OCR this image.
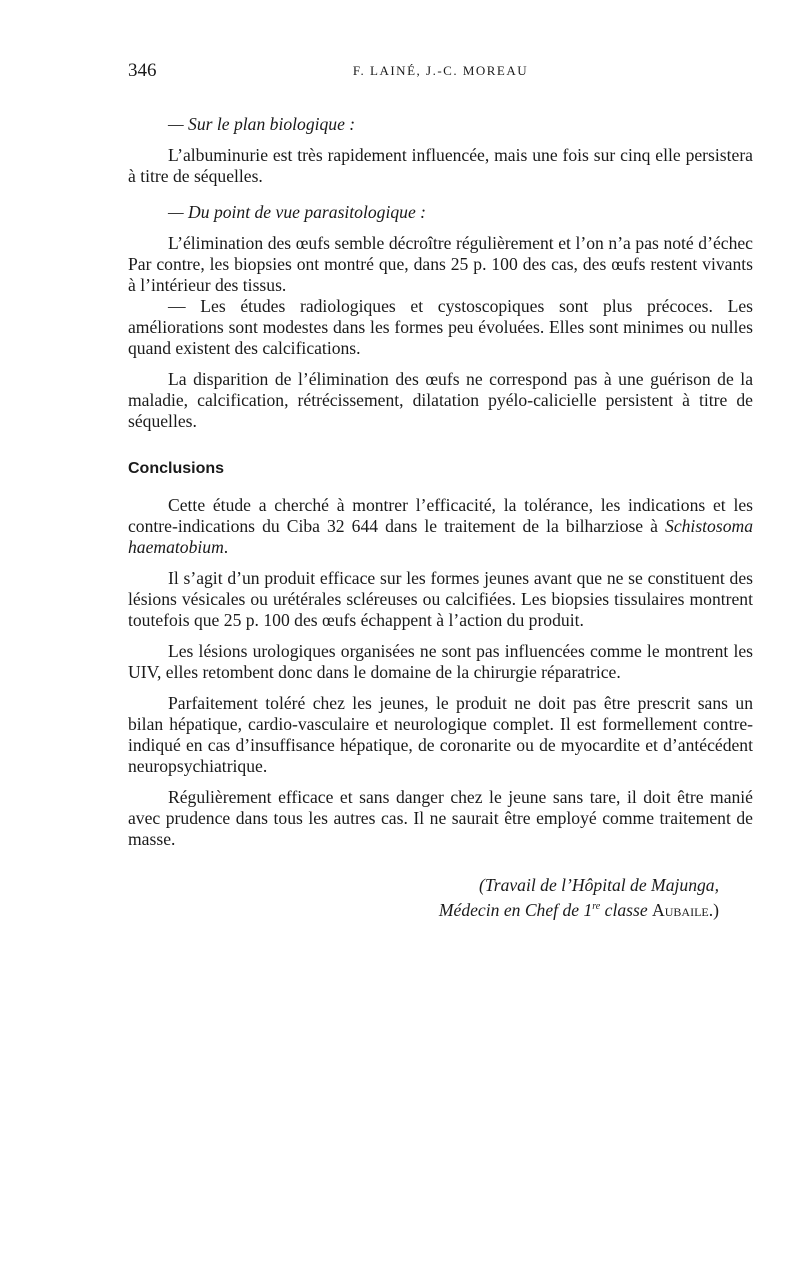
346	F. LAINÉ, J.-C. MOREAU

— Sur le plan biologique :

L’albuminurie est très rapidement influencée, mais une fois sur cinq elle persistera à titre de séquelles.

— Du point de vue parasitologique :

L’élimination des œufs semble décroître régulièrement et l’on n’a pas noté d’échec Par contre, les biopsies ont montré que, dans 25 p. 100 des cas, des œufs restent vivants à l’intérieur des tissus.

— Les études radiologiques et cystoscopiques sont plus précoces. Les améliorations sont modestes dans les formes peu évoluées. Elles sont minimes ou nulles quand existent des calcifications.

La disparition de l’élimination des œufs ne correspond pas à une guérison de la maladie, calcification, rétrécissement, dilatation pyélo-calicielle persistent à titre de séquelles.

Conclusions

Cette étude a cherché à montrer l’efficacité, la tolérance, les indications et les contre-indications du Ciba 32 644 dans le traitement de la bilharziose à Schistosoma haematobium.

Il s’agit d’un produit efficace sur les formes jeunes avant que ne se constituent des lésions vésicales ou urétérales scléreuses ou calcifiées. Les biopsies tissulaires montrent toutefois que 25 p. 100 des œufs échappent à l’action du produit.

Les lésions urologiques organisées ne sont pas influencées comme le montrent les UIV, elles retombent donc dans le domaine de la chirurgie réparatrice.

Parfaitement toléré chez les jeunes, le produit ne doit pas être prescrit sans un bilan hépatique, cardio-vasculaire et neurologique complet. Il est formellement contre-indiqué en cas d’insuffisance hépatique, de coronarite ou de myocardite et d’antécédent neuropsychiatrique.

Régulièrement efficace et sans danger chez le jeune sans tare, il doit être manié avec prudence dans tous les autres cas. Il ne saurait être employé comme traitement de masse.

(Travail de l’Hôpital de Majunga,
Médecin en Chef de 1re classe Aubaile.)
